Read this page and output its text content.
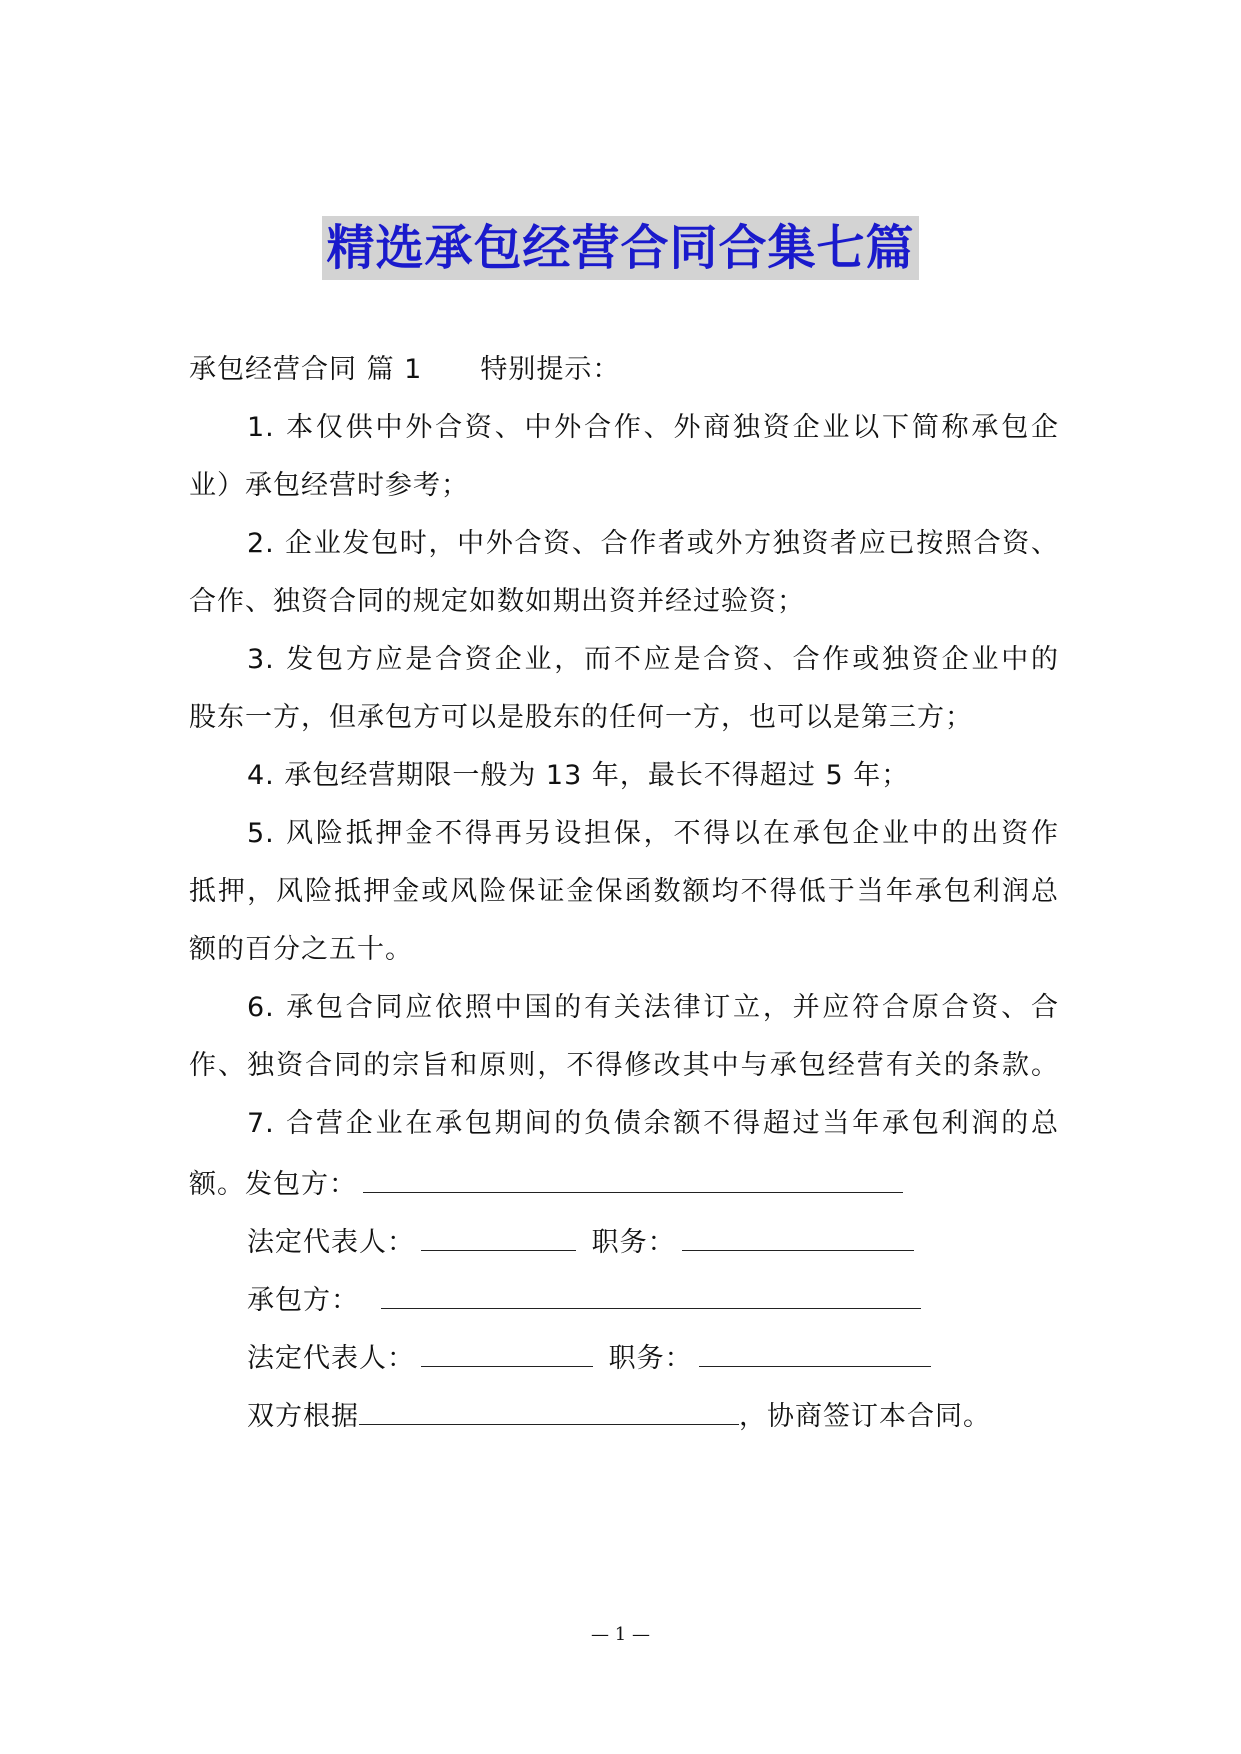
精选承包经营合同合集七篇
承包经营合同 篇 1 特别提示：
1. 本仅供中外合资、中外合作、外商独资企业以下简称承包企
业）承包经营时参考；
2. 企业发包时，中外合资、合作者或外方独资者应已按照合资、
合作、独资合同的规定如数如期出资并经过验资；
3. 发包方应是合资企业，而不应是合资、合作或独资企业中的
股东一方，但承包方可以是股东的任何一方，也可以是第三方；
4. 承包经营期限一般为 13 年，最长不得超过 5 年；
5. 风险抵押金不得再另设担保，不得以在承包企业中的出资作
抵押，风险抵押金或风险保证金保函数额均不得低于当年承包利润总
额的百分之五十。
6. 承包合同应依照中国的有关法律订立，并应符合原合资、合
作、独资合同的宗旨和原则，不得修改其中与承包经营有关的条款。
7. 合营企业在承包期间的负债余额不得超过当年承包利润的总
额。发包方：
法定代表人：	职务：
承包方：
法定代表人：	职务：
双方根据	，协商签订本合同。
— 1 —
